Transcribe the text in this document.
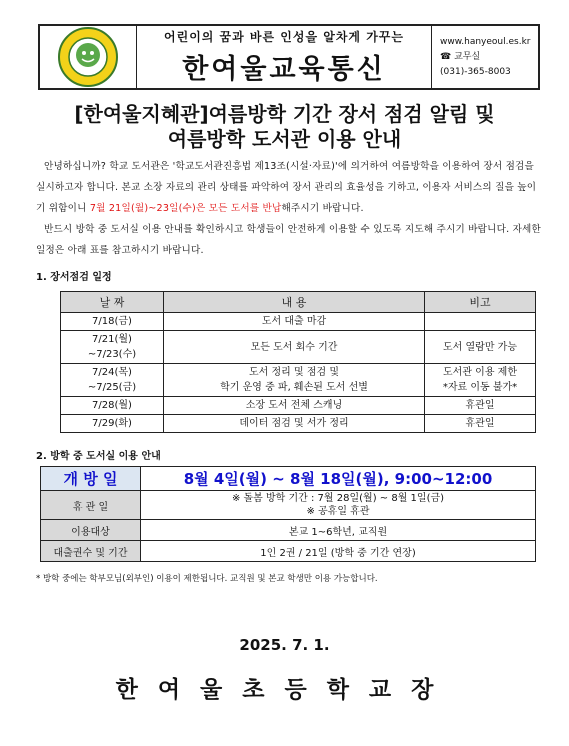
어린이의 꿈과 바른 인성을 알차게 가꾸는
한여울교육통신
www.hanyeoul.es.kr
☎ 교무실
(031)-365-8003
[한여울지혜관]여름방학 기간 장서 점검 알림 및
여름방학 도서관 이용 안내
안녕하십니까? 학교 도서관은 '학교도서관진흥법 제13조(시설·자료)'에 의거하여 여름방학을 이용하여 장서 점검을 실시하고자 합니다. 본교 소장 자료의 관리 상태를 파악하여 장서 관리의 효율성을 기하고, 이용자 서비스의 질을 높이기 위함이니 7월 21일(월)~23일(수)은 모든 도서를 반납해주시기 바랍니다.
반드시 방학 중 도서실 이용 안내를 확인하시고 학생들이 안전하게 이용할 수 있도록 지도해 주시기 바랍니다. 자세한 일정은 아래 표를 참고하시기 바랍니다.
1. 장서점검 일정
날 짜	내 용	비고
7/18(금)	도서 대출 마감	
7/21(월)
~7/23(수)	모든 도서 회수 기간	도서 열람만 가능
7/24(목)
~7/25(금)	도서 정리 및 점검 및
학기 운영 중 파, 훼손된 도서 선별	도서관 이용 제한
*자료 이동 불가*
7/28(월)	소장 도서 전체 스캐닝	휴관일
7/29(화)	데이터 점검 및 서가 정리	휴관일
2. 방학 중 도서실 이용 안내
개 방 일	8월 4일(월) ~ 8월 18일(월), 9:00~12:00
휴 관 일	※ 돌봄 방학 기간 : 7월 28일(월) ~ 8월 1일(금)
※ 공휴일 휴관

이용대상	본교 1~6학년, 교직원
대출권수 및 기간	1인 2권 / 21일 (방학 중 기간 연장)
* 방학 중에는 학부모님(외부인) 이용이 제한됩니다. 교직원 및 본교 학생만 이용 가능합니다.
2025. 7. 1.
한여울초등학교장
